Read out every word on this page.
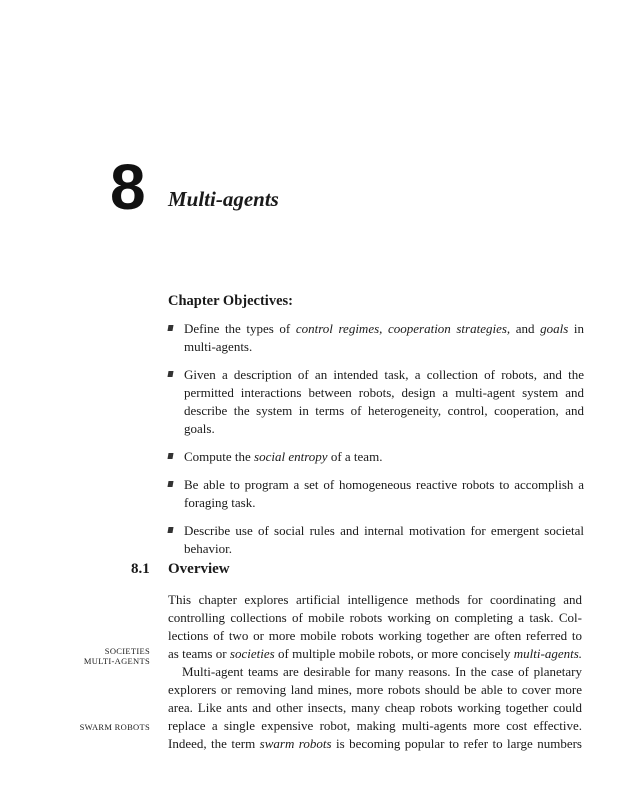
8 Multi-agents
Chapter Objectives:
Define the types of control regimes, cooperation strategies, and goals in multi-agents.
Given a description of an intended task, a collection of robots, and the permitted interactions between robots, design a multi-agent system and describe the system in terms of heterogeneity, control, cooperation, and goals.
Compute the social entropy of a team.
Be able to program a set of homogeneous reactive robots to accomplish a foraging task.
Describe use of social rules and internal motivation for emergent societal behavior.
8.1 Overview
This chapter explores artificial intelligence methods for coordinating and
controlling collections of mobile robots working on completing a task. Col-
lections of two or more mobile robots working together are often referred to
as teams or societies of multiple mobile robots, or more concisely multi-agents.
Multi-agent teams are desirable for many reasons. In the case of planetary
explorers or removing land mines, more robots should be able to cover more
area. Like ants and other insects, many cheap robots working together could
replace a single expensive robot, making multi-agents more cost effective.
Indeed, the term swarm robots is becoming popular to refer to large numbers
SOCIETIES
MULTI-AGENTS
SWARM ROBOTS
